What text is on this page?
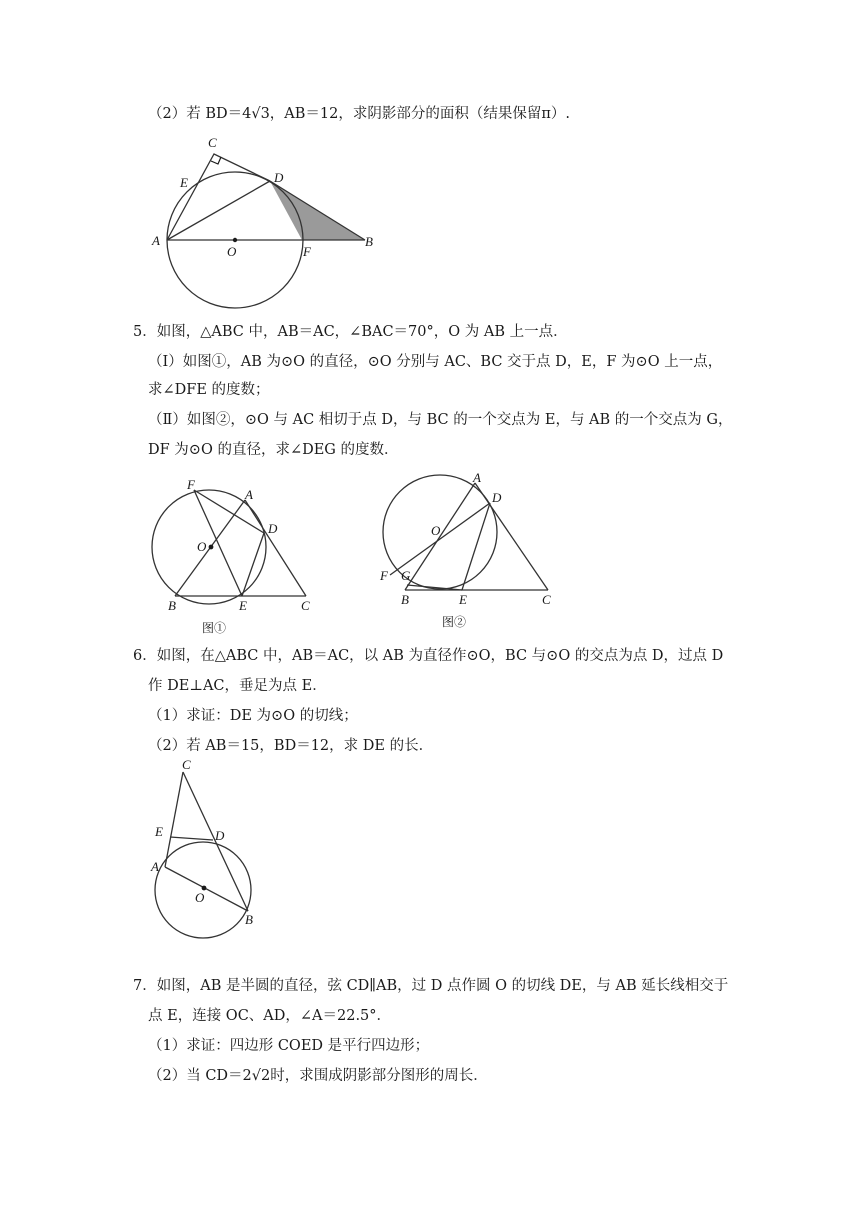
（2）若 BD＝4√3，AB＝12，求阴影部分的面积（结果保留π）.
5．如图，△ABC 中，AB＝AC，∠BAC＝70°，O 为 AB 上一点．
（Ⅰ）如图①，AB 为⊙O 的直径，⊙O 分别与 AC、BC 交于点 D，E，F 为⊙O 上一点，
求∠DFE 的度数；
（Ⅱ）如图②，⊙O 与 AC 相切于点 D，与 BC 的一个交点为 E，与 AB 的一个交点为 G，
DF 为⊙O 的直径，求∠DEG 的度数．
6．如图，在△ABC 中，AB＝AC，以 AB 为直径作⊙O，BC 与⊙O 的交点为点 D，过点 D
作 DE⊥AC，垂足为点 E．
（1）求证：DE 为⊙O 的切线；
（2）若 AB＝15，BD＝12，求 DE 的长．
7．如图，AB 是半圆的直径，弦 CD∥AB，过 D 点作圆 O 的切线 DE，与 AB 延长线相交于
点 E，连接 OC、AD，∠A＝22.5°．
（1）求证：四边形 COED 是平行四边形；
（2）当 CD＝2√2时，求围成阴影部分图形的周长．
C
E	D
A	B
O	F
F
A
D
O
B	E	C
图①
A
D
O
F G
B	E	C
图②
C
E	D
A
O
B
